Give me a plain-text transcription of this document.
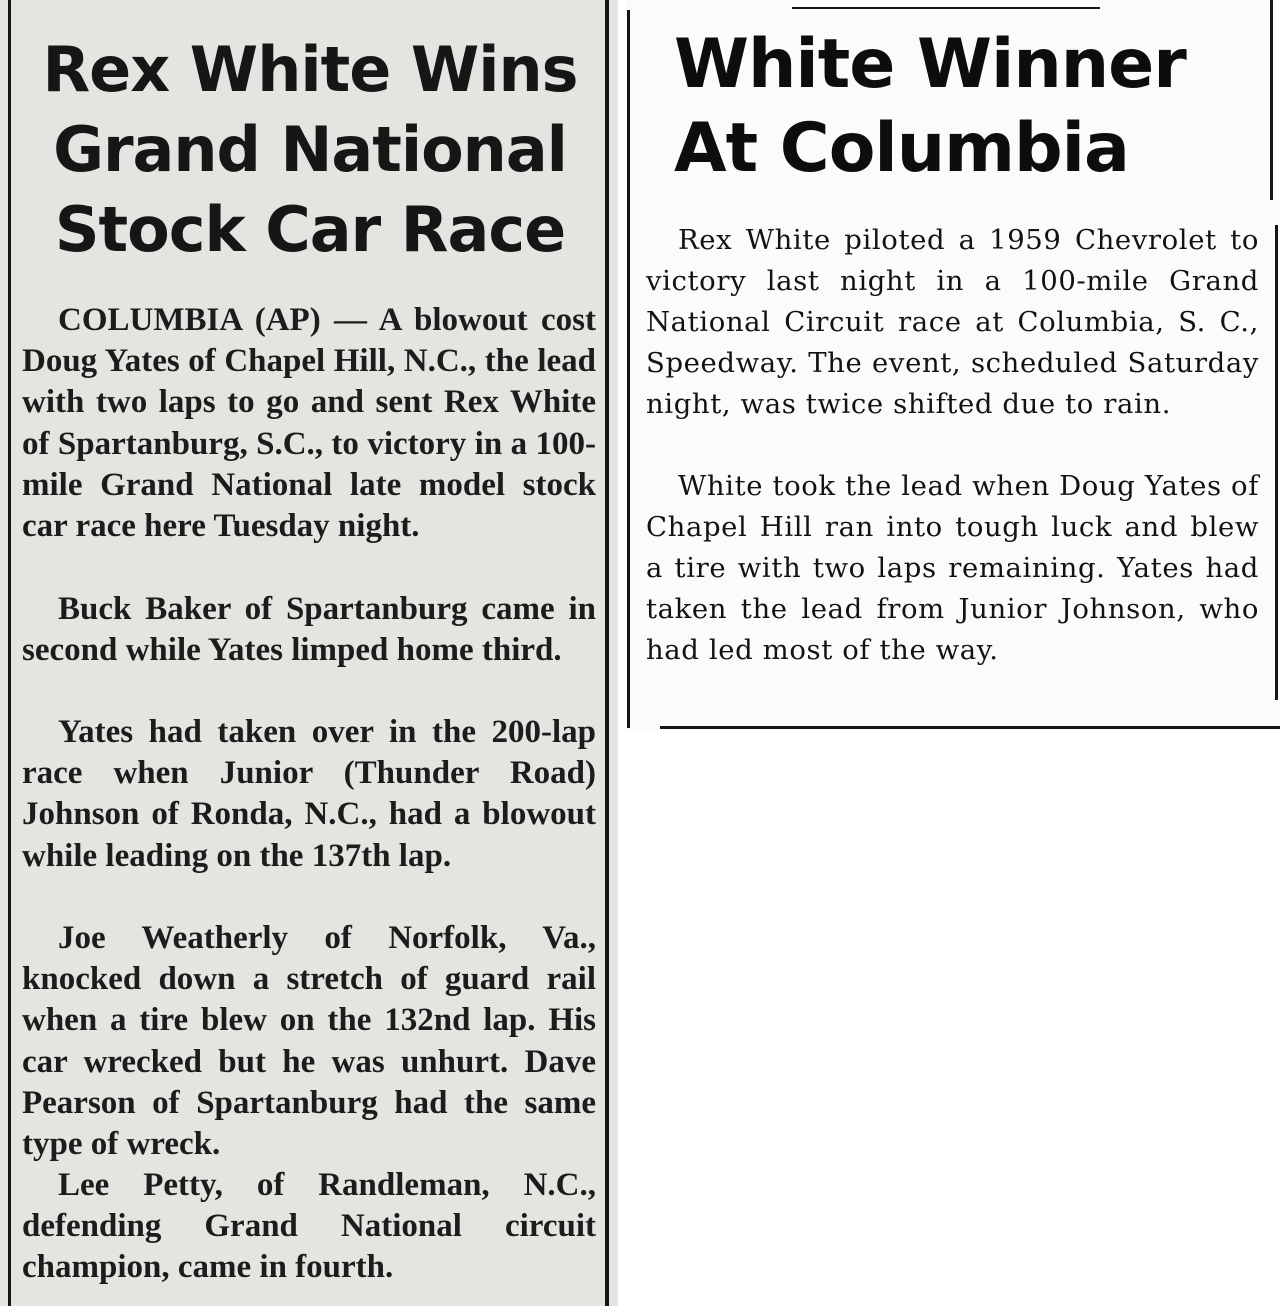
Rex White Wins
Grand National
Stock Car Race

COLUMBIA (AP) — A blowout cost Doug Yates of Chapel Hill, N.C., the lead with two laps to go and sent Rex White of Spartanburg, S.C., to victory in a 100-mile Grand National late model stock car race here Tuesday night.

Buck Baker of Spartanburg came in second while Yates limped home third.

Yates had taken over in the 200-lap race when Junior (Thunder Road) Johnson of Ronda, N.C., had a blowout while leading on the 137th lap.

Joe Weatherly of Norfolk, Va., knocked down a stretch of guard rail when a tire blew on the 132nd lap. His car wrecked but he was unhurt. Dave Pearson of Spartanburg had the same type of wreck.

Lee Petty, of Randleman, N.C., defending Grand National circuit champion, came in fourth.

White Winner
At Columbia

Rex White piloted a 1959 Chevrolet to victory last night in a 100-mile Grand National Circuit race at Columbia, S. C., Speedway. The event, scheduled Saturday night, was twice shifted due to rain.

White took the lead when Doug Yates of Chapel Hill ran into tough luck and blew a tire with two laps remaining. Yates had taken the lead from Junior Johnson, who had led most of the way.
